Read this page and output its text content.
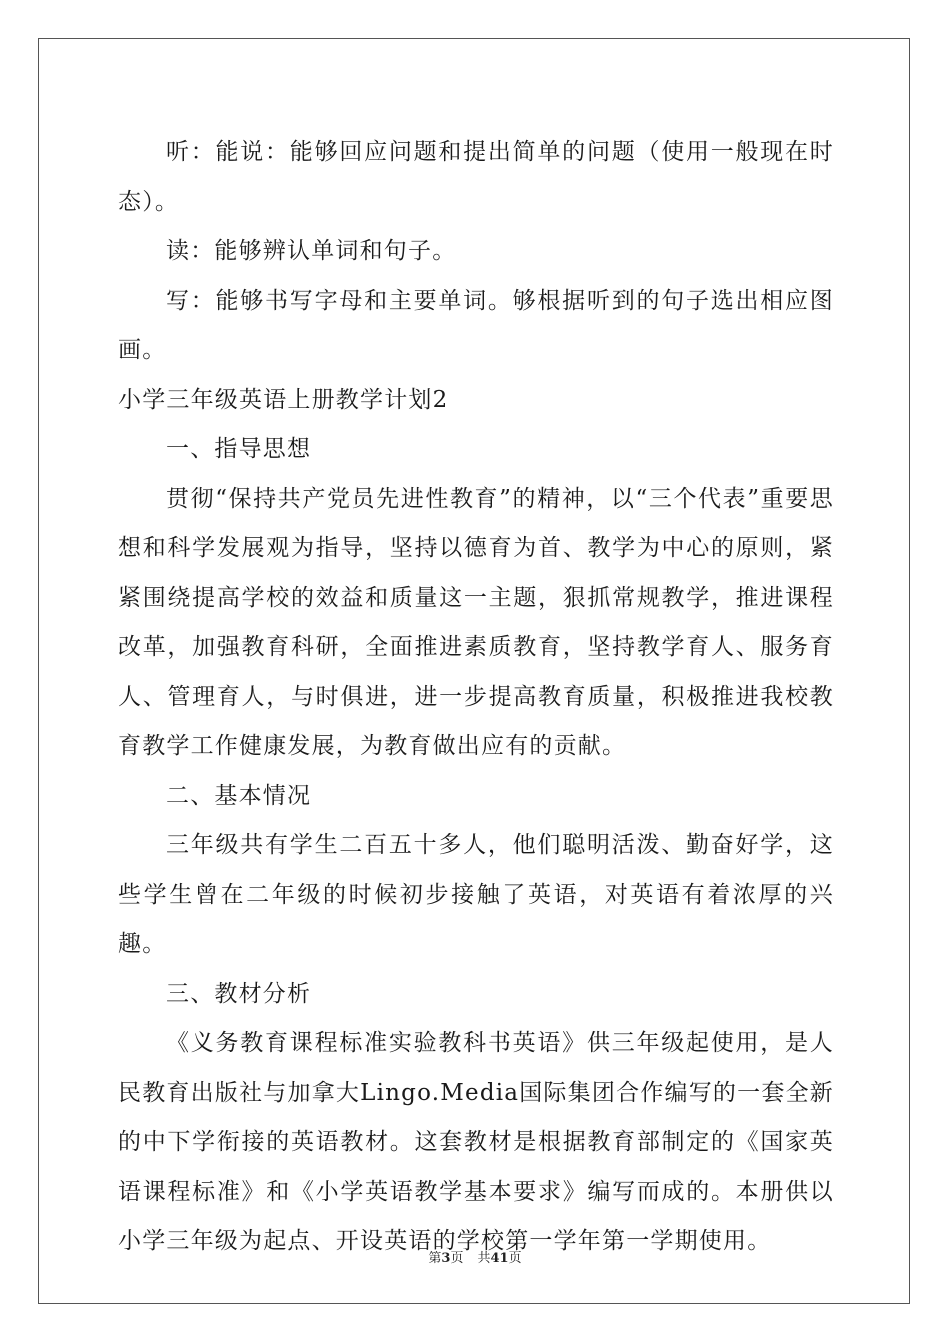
听：能说：能够回应问题和提出简单的问题（使用一般现在时态）。

读：能够辨认单词和句子。

写：能够书写字母和主要单词。够根据听到的句子选出相应图画。

小学三年级英语上册教学计划2

一、指导思想

贯彻“保持共产党员先进性教育”的精神，以“三个代表”重要思想和科学发展观为指导，坚持以德育为首、教学为中心的原则，紧紧围绕提高学校的效益和质量这一主题，狠抓常规教学，推进课程改革，加强教育科研，全面推进素质教育，坚持教学育人、服务育人、管理育人，与时俱进，进一步提高教育质量，积极推进我校教育教学工作健康发展，为教育做出应有的贡献。

二、基本情况

三年级共有学生二百五十多人，他们聪明活泼、勤奋好学，这些学生曾在二年级的时候初步接触了英语，对英语有着浓厚的兴趣。

三、教材分析

《义务教育课程标准实验教科书英语》供三年级起使用，是人民教育出版社与加拿大Lingo.Media国际集团合作编写的一套全新的中下学衔接的英语教材。这套教材是根据教育部制定的《国家英语课程标准》和《小学英语教学基本要求》编写而成的。本册供以小学三年级为起点、开设英语的学校第一学年第一学期使用。

第3页 共41页
